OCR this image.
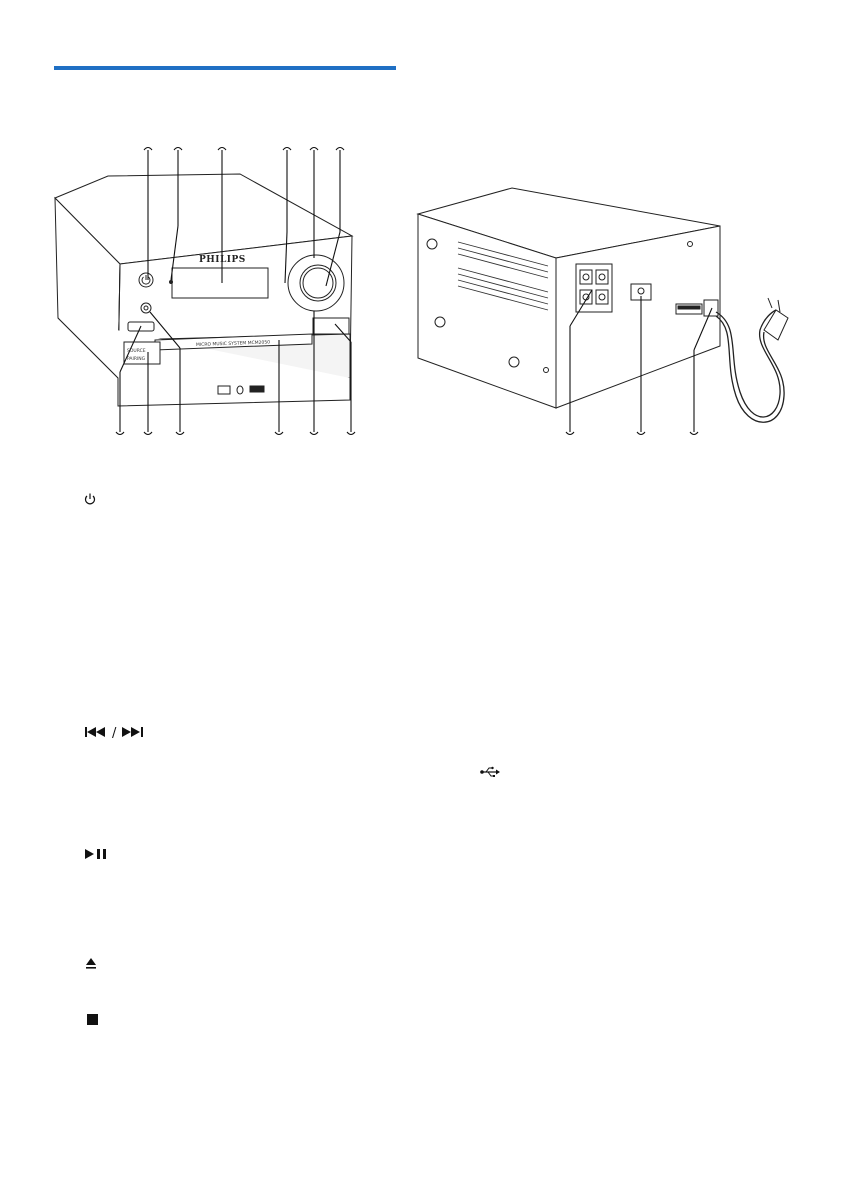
PHILIPS
SOURCE
PAIRING
MICRO MUSIC SYSTEM MCM2050
/
